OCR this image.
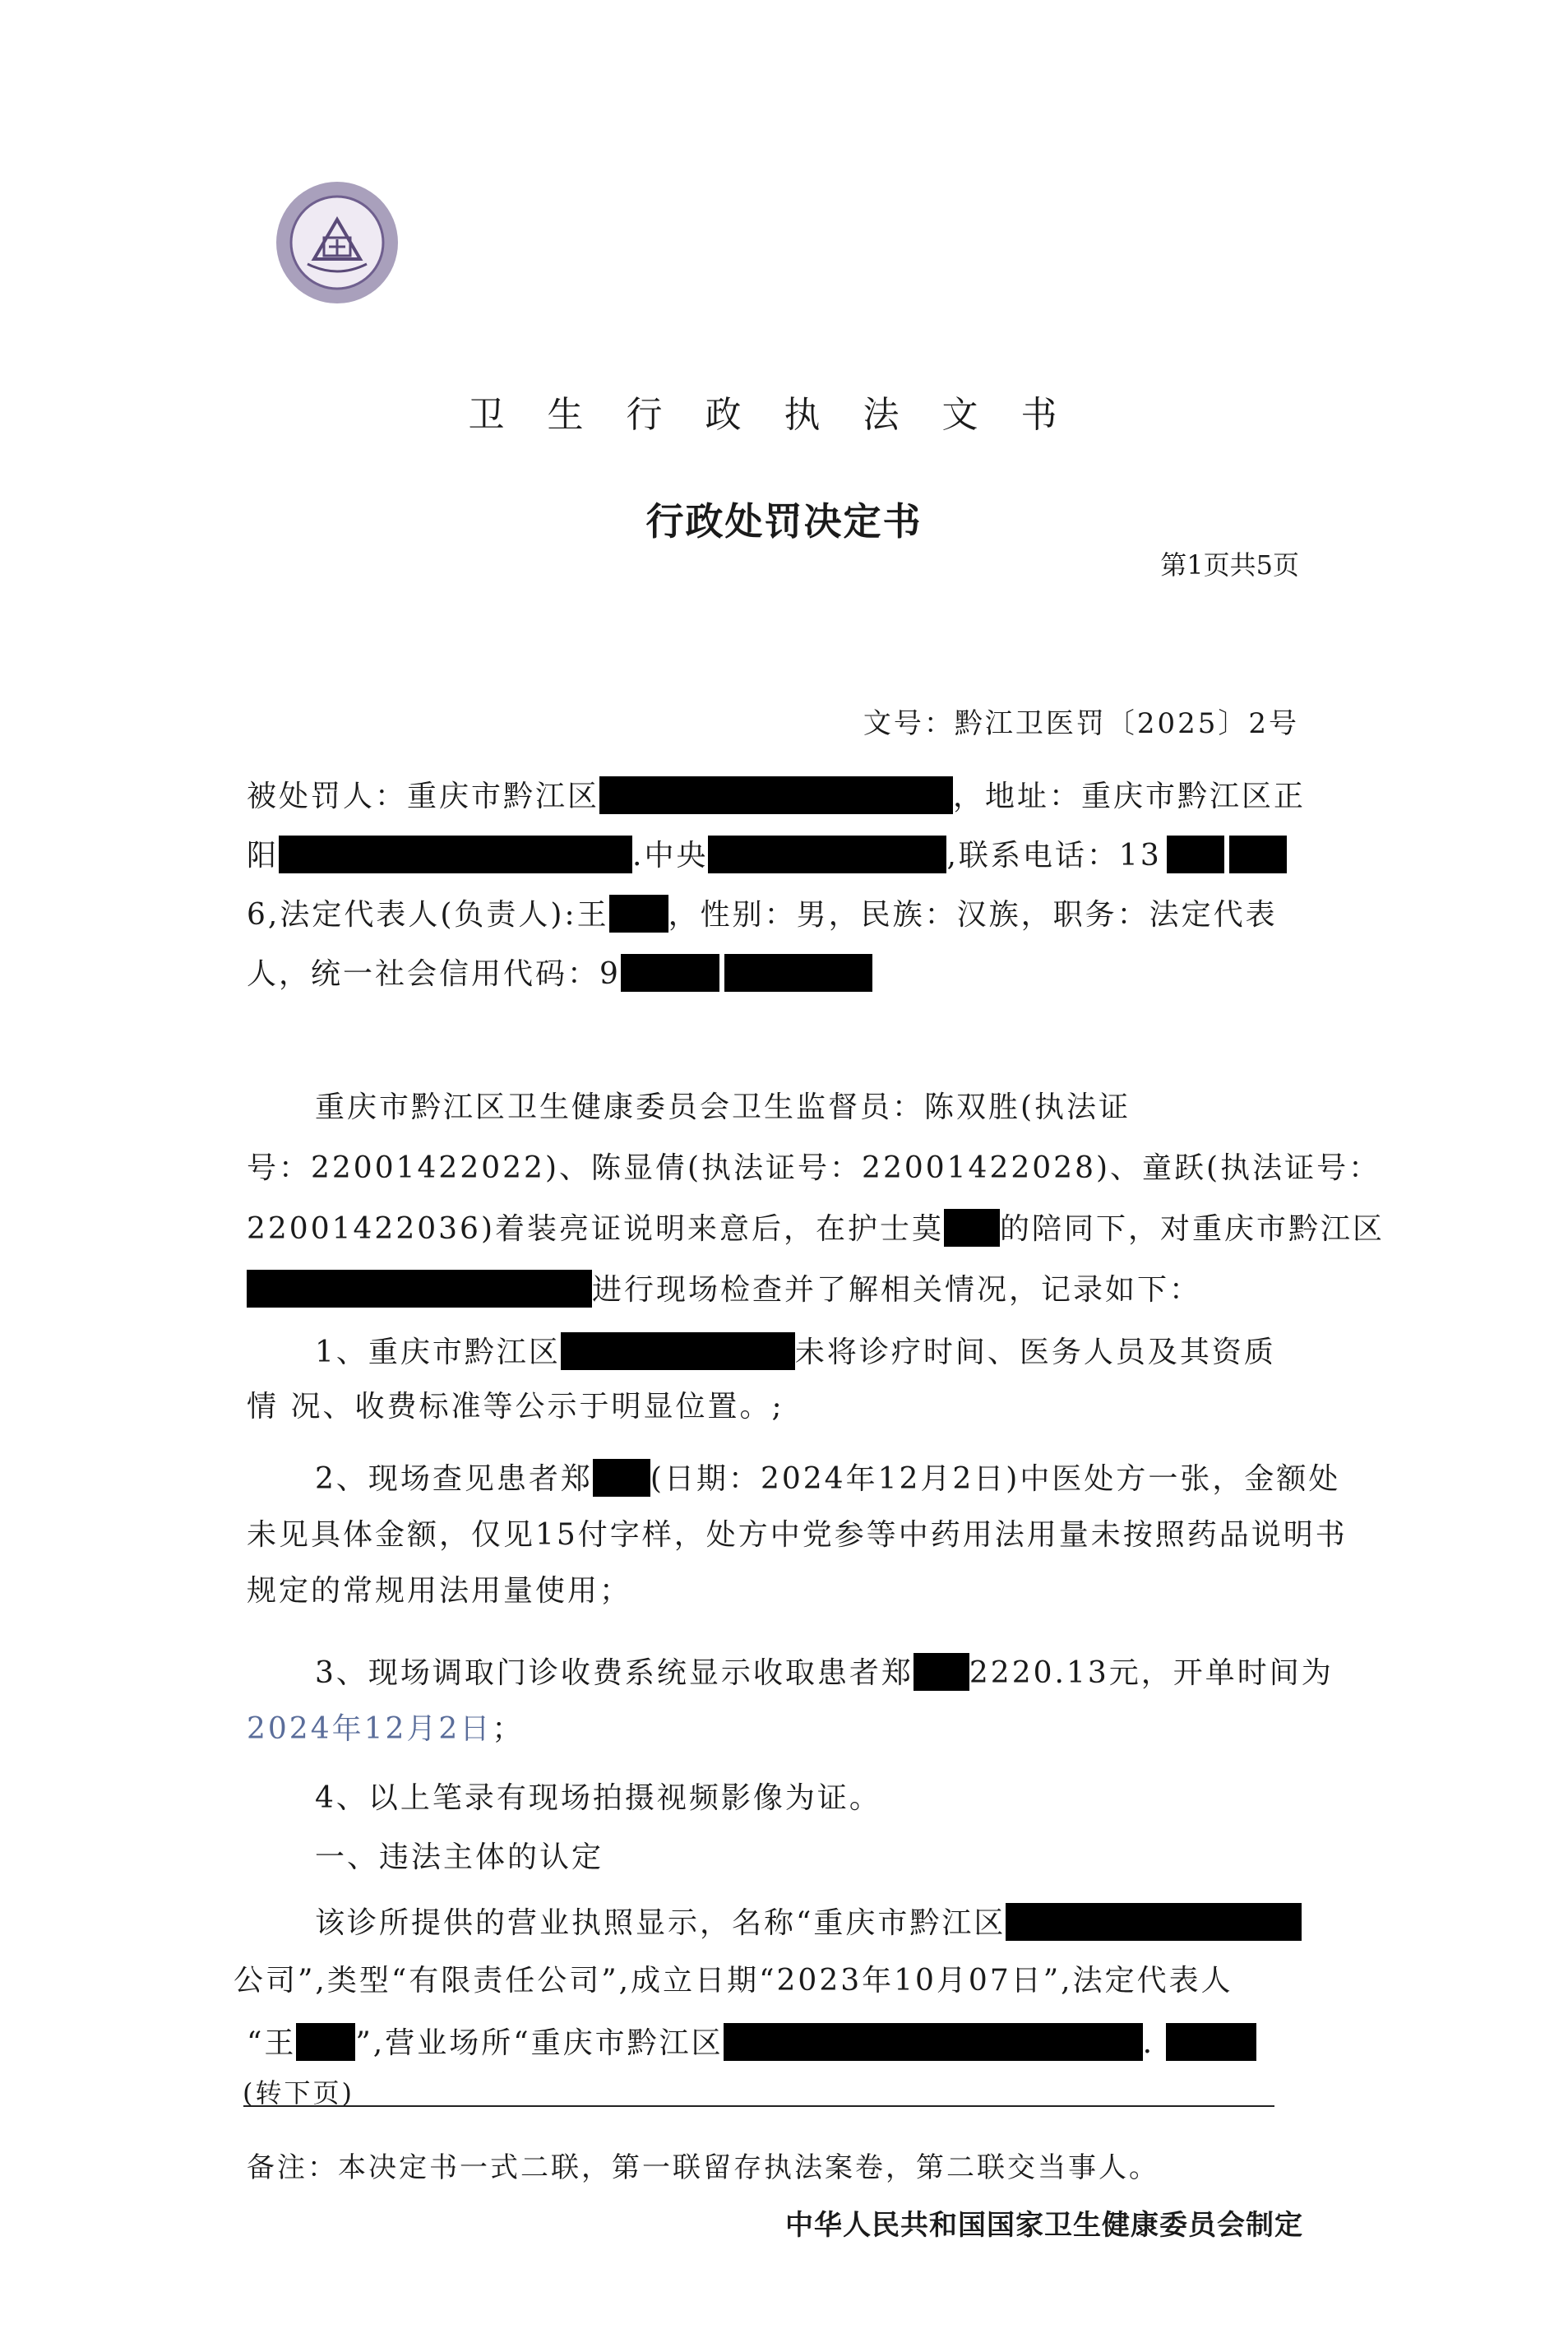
卫生行政执法文书
行政处罚决定书
第1页共5页
文号：黔江卫医罚〔2025〕2号
被处罚人：重庆市黔江区	，地址：重庆市黔江区正
阳	.中央	,联系电话：13
6,法定代表人(负责人):王 ，性别：男，民族：汉族，职务：法定代表
人，统一社会信用代码：9
重庆市黔江区卫生健康委员会卫生监督员：陈双胜(执法证
号：22001422022)、陈显倩(执法证号：22001422028)、童跃(执法证号：
22001422036)着装亮证说明来意后，在护士莫 的陪同下，对重庆市黔江区
进行现场检查并了解相关情况，记录如下：
1、重庆市黔江区	未将诊疗时间、医务人员及其资质
情 况、收费标准等公示于明显位置。;
2、现场查见患者郑 (日期：2024年12月2日)中医处方一张，金额处
未见具体金额，仅见15付字样，处方中党参等中药用法用量未按照药品说明书
规定的常规用法用量使用；
3、现场调取门诊收费系统显示收取患者郑 2220.13元，开单时间为
2024年12月2日；
4、以上笔录有现场拍摄视频影像为证。
一、违法主体的认定
该诊所提供的营业执照显示，名称“重庆市黔江区
公司”,类型“有限责任公司”,成立日期“2023年10月07日”,法定代表人
“王 ”,营业场所“重庆市黔江区	.
(转下页)
备注：本决定书一式二联，第一联留存执法案卷，第二联交当事人。
中华人民共和国国家卫生健康委员会制定
